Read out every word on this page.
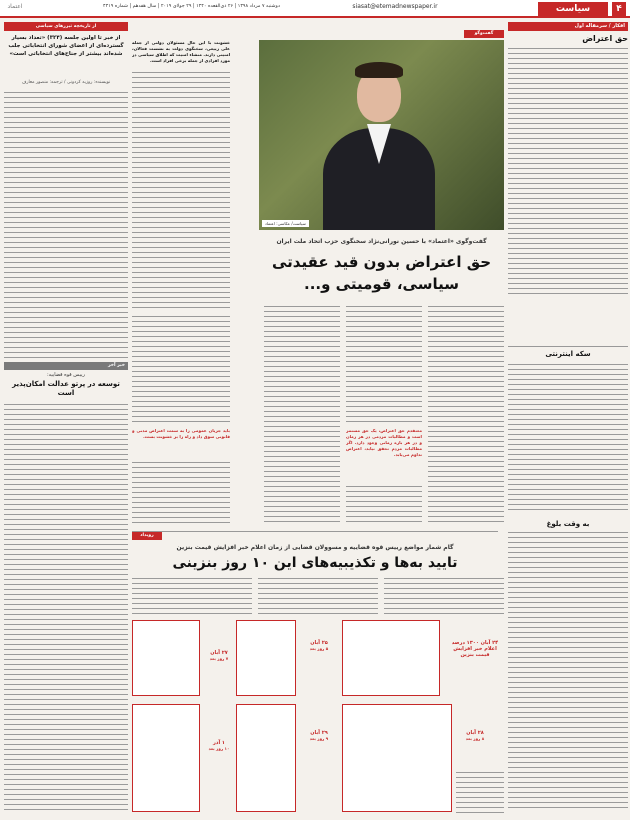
۴
سیاست
siasat@etemadnewspaper.ir
دوشنبه ۷ مرداد ۱۳۹۸ | ۲۶ ذی‌القعده ۱۴۴۰ | ۲۹ جولای ۲۰۱۹ | سال هفدهم | شماره ۴۴۱۹
اعتماد
افکار / سرمقاله اول
حق اعتراض
سکه اینترنتی
به وقت بلوغ
گفت‌وگو
سیاست/ عکاسی: اعتماد
خشونت با این حال مسئولان دولتی از جمله علی ربیعی، سخنگوی دولت به نشست فعالان، امنیتی دارند. منشاء امنیت که اطلاق سیاسی در مورد افرادی از جمله برخی افراد است.
گفت‌وگوی «اعتماد» با حسین نورانی‌نژاد سخنگوی حزب اتحاد ملت ایران
حق اعتراض بدون قید عقیدتی
سیاسی، قومیتی و...
معتقدم حق اعتراض، یک حق مستمر است و مطالبات مردمی در هر زمان و در هر بازه زمانی وجود دارد. اگر مطالبات مردم تحقق نیابد، اعتراض تداوم می‌یابد.
باید جریان عمومی را به سمت اعتراض مدنی و قانونی سوق داد و راه را بر خشونت بست.
از تاریخچه تیزرهای سیاسی
از خبر تا اولین جلسه (۳۲۴) «تعداد بسیار گسترده‌ای از اعضای شورای انتخاباتی جلب شده‌اند بیشتر از جناح‌های انتخاباتی است»
نویسنده: روزبه کردونی / ترجمه: منصور معارف
خبر آخر
رییس قوه قضاییه:
توسعه در پرتو عدالت امکان‌پذیر است
رویداد
گام شمار مواضع رییس قوه قضاییه و مسوولان قضایی از زمان اعلام خبر افزایش قیمت بنزین
تایید به‌ها و تکذیبیه‌های این ۱۰ روز بنزینی
۲۴ آبان ۱۳۰۰ درصد اعلام خبر افزایش قیمت بنزین
۲۵ آبان
۵ روز بعد
۲۷ آبان
۷ روز بعد
۲۸ آبان
۸ روز بعد
۲۹ آبان
۹ روز بعد
۱ آذر
۱۰ روز بعد
